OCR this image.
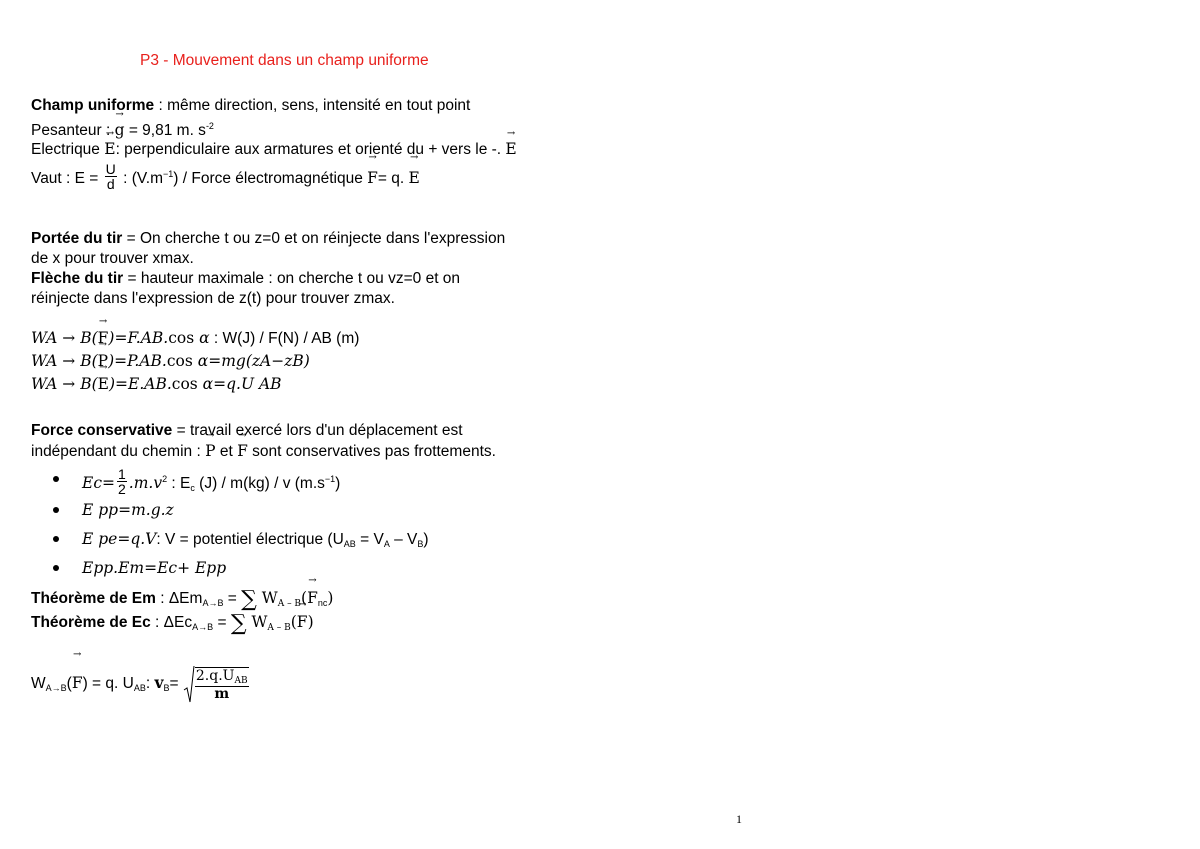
P3 - Mouvement dans un champ uniforme
Champ uniforme : même direction, sens, intensité en tout point
Pesanteur : → g = 9,81 m. $s^{-2}$
Electrique → E: perpendiculaire aux armatures et orienté du + vers le -. → E
Vaut : $E = \frac{U}{d}$ : $(V.m^{-1})$ / Force électromagnétique → F= q. → E
Portée du tir = On cherche t ou z=0 et on réinjecte dans l'expression
de x pour trouver xmax.
Flèche du tir = hauteur maximale : on cherche t ou vz=0 et on
réinjecte dans l'expression de z(t) pour trouver zmax.
WA → B(→ F)=F.AB.cos α : W(J) / F(N) / AB (m)
WA → B(→ P)=P.AB.cos α=mg(zA−zB)
WA → B(→ E)=E.AB.cos α=q.U AB
Force conservative = travail exercé lors d'un déplacement est
indépendant du chemin : → P et → F sont conservatives pas frottements.
$Ec= \frac{1}{2} .m.v^2$ : $E_c$ (J) / m(kg) / v $(m.s^{-1})$
E pp=m.g.z
E pe=q.V: V = potentiel électrique $(U_{AB} = V_A - V_B)$
Epp.Em=Ec+ Epp
Théorème de Em : ΔEm$_{A\to B}$ = ∑ $W_{A - B}(\to F_{nc})$
Théorème de Ec : ΔEc$_{A\to B}$ = ∑ $W_{A - B}(\to F)$
$W_{A\to B}(\to F) = q$. $U_{AB}$: $v_B= \frac{2.q.U_{AB}}{m}$
1
